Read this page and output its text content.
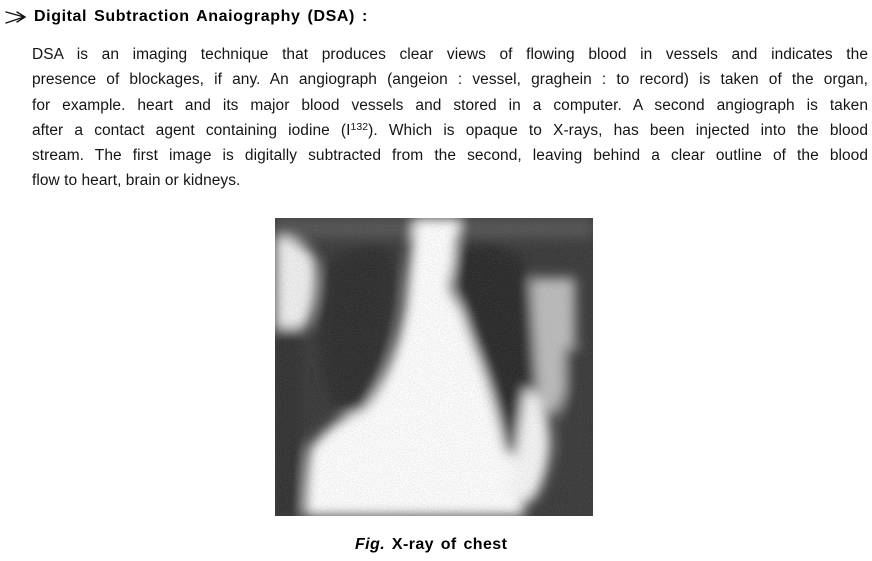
Digital Subtraction Anaiography (DSA) :
DSA is an imaging technique that produces clear views of flowing blood in vessels and indicates the
presence of blockages, if any. An angiograph (angeion : vessel, graghein : to record) is taken of the organ,
for example. heart and its major blood vessels and stored in a computer. A second angiograph is taken
after a contact agent containing iodine $(I^{132})$. Which is opaque to X-rays, has been injected into the blood
stream. The first image is digitally subtracted from the second, leaving behind a clear outline of the blood
flow to heart, brain or kidneys.
Fig. X-ray of chest
